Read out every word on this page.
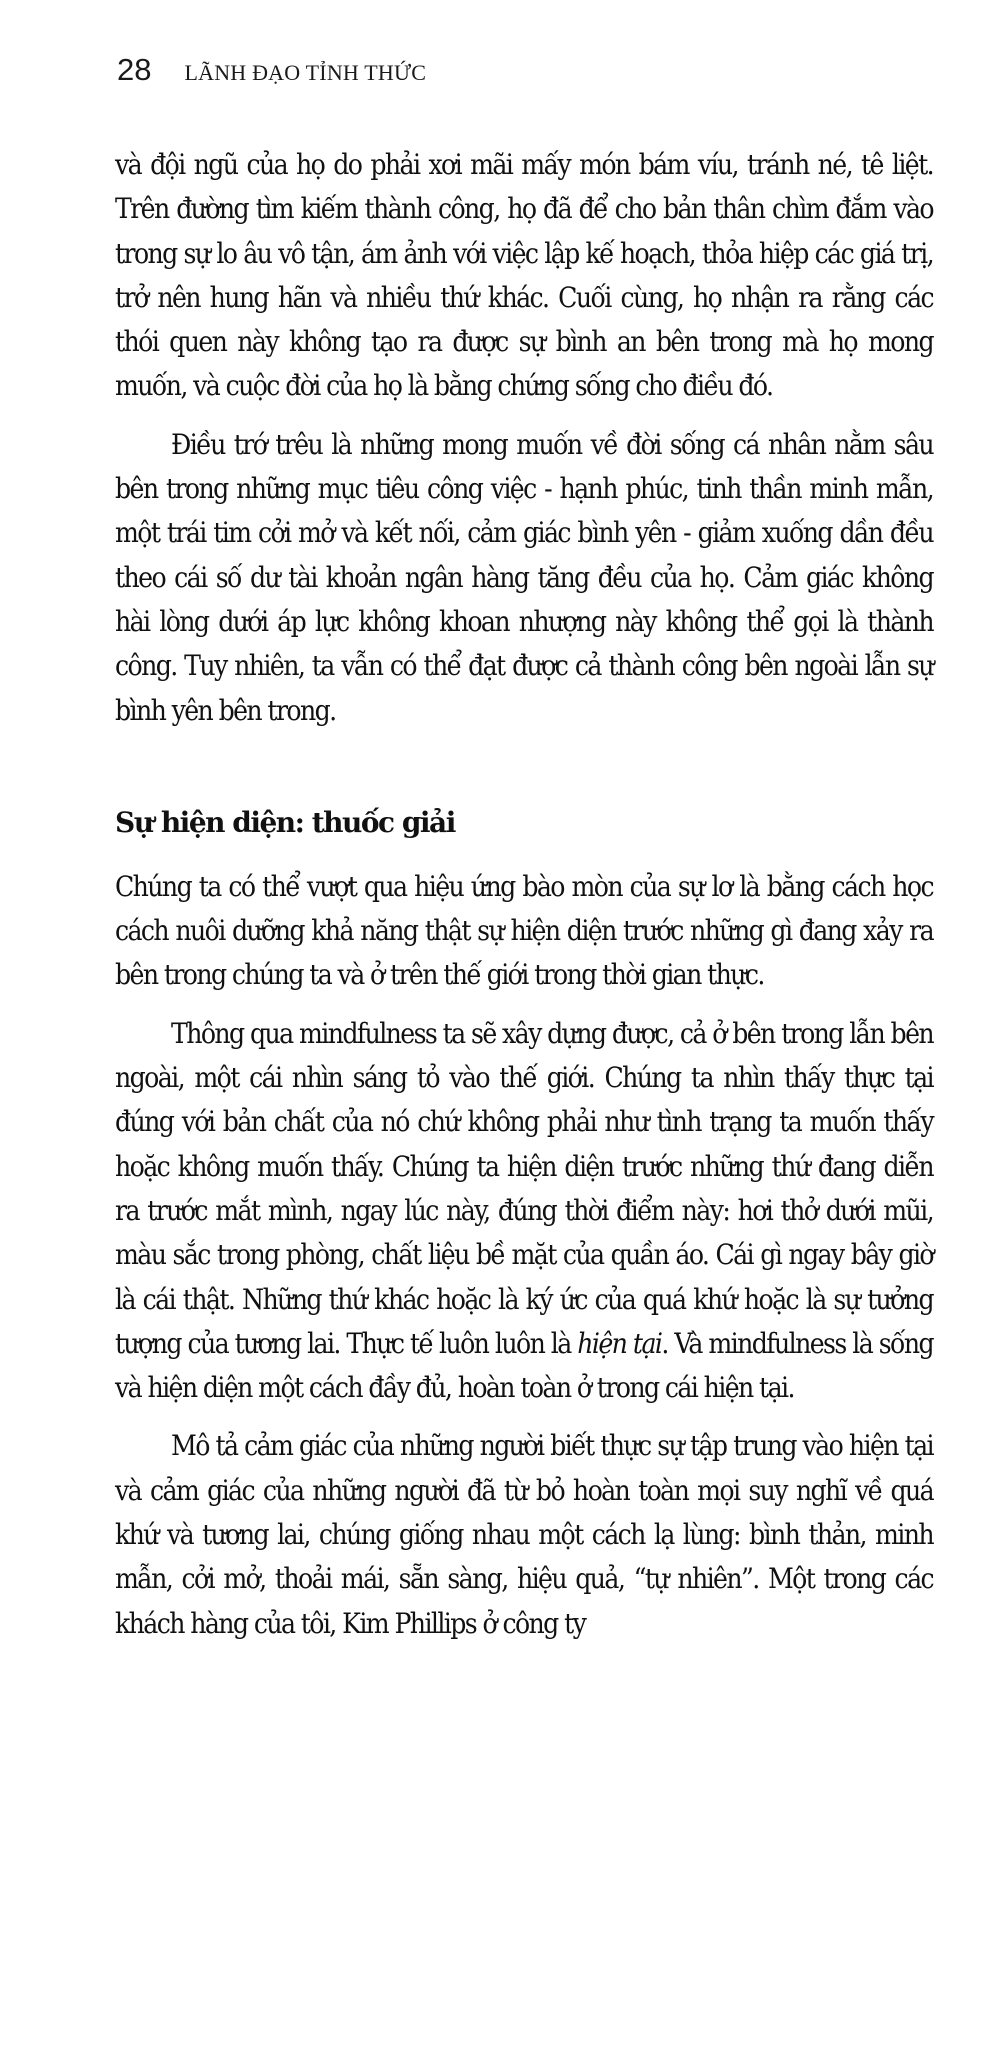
28 LÃNH ĐẠO TỈNH THỨC

và đội ngũ của họ do phải xơi mãi mấy món bám víu, tránh né, tê liệt. Trên đường tìm kiếm thành công, họ đã để cho bản thân chìm đắm vào trong sự lo âu vô tận, ám ảnh với việc lập kế hoạch, thỏa hiệp các giá trị, trở nên hung hãn và nhiều thứ khác. Cuối cùng, họ nhận ra rằng các thói quen này không tạo ra được sự bình an bên trong mà họ mong muốn, và cuộc đời của họ là bằng chứng sống cho điều đó.

Điều trớ trêu là những mong muốn về đời sống cá nhân nằm sâu bên trong những mục tiêu công việc - hạnh phúc, tinh thần minh mẫn, một trái tim cởi mở và kết nối, cảm giác bình yên - giảm xuống dần đều theo cái số dư tài khoản ngân hàng tăng đều của họ. Cảm giác không hài lòng dưới áp lực không khoan nhượng này không thể gọi là thành công. Tuy nhiên, ta vẫn có thể đạt được cả thành công bên ngoài lẫn sự bình yên bên trong.

Sự hiện diện: thuốc giải

Chúng ta có thể vượt qua hiệu ứng bào mòn của sự lơ là bằng cách học cách nuôi dưỡng khả năng thật sự hiện diện trước những gì đang xảy ra bên trong chúng ta và ở trên thế giới trong thời gian thực.

Thông qua mindfulness ta sẽ xây dựng được, cả ở bên trong lẫn bên ngoài, một cái nhìn sáng tỏ vào thế giới. Chúng ta nhìn thấy thực tại đúng với bản chất của nó chứ không phải như tình trạng ta muốn thấy hoặc không muốn thấy. Chúng ta hiện diện trước những thứ đang diễn ra trước mắt mình, ngay lúc này, đúng thời điểm này: hơi thở dưới mũi, màu sắc trong phòng, chất liệu bề mặt của quần áo. Cái gì ngay bây giờ là cái thật. Những thứ khác hoặc là ký ức của quá khứ hoặc là sự tưởng tượng của tương lai. Thực tế luôn luôn là hiện tại. Và mindfulness là sống và hiện diện một cách đầy đủ, hoàn toàn ở trong cái hiện tại.

Mô tả cảm giác của những người biết thực sự tập trung vào hiện tại và cảm giác của những người đã từ bỏ hoàn toàn mọi suy nghĩ về quá khứ và tương lai, chúng giống nhau một cách lạ lùng: bình thản, minh mẫn, cởi mở, thoải mái, sẵn sàng, hiệu quả, “tự nhiên”. Một trong các khách hàng của tôi, Kim Phillips ở công ty
